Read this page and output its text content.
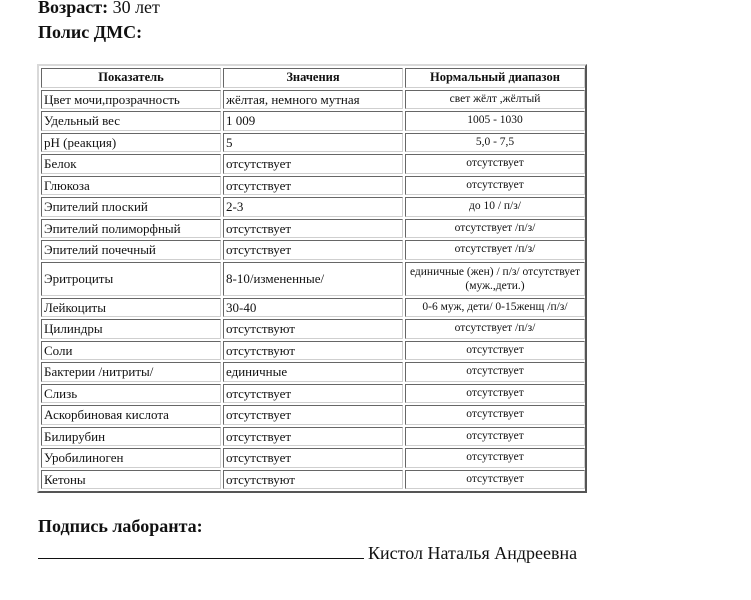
Возраст: 30 лет
Полис ДМС:
Показатель	Значения	Нормальный диапазон
Цвет мочи,прозрачность	жёлтая, немного мутная	свет жёлт ,жёлтый
Удельный вес	1 009	1005 - 1030
pH (реакция)	5	5,0 - 7,5
Белок	отсутствует	отсутствует
Глюкоза	отсутствует	отсутствует
Эпителий плоский	2-3	до 10 / п/з/
Эпителий полиморфный	отсутствует	отсутствует /п/з/
Эпителий почечный	отсутствует	отсутствует /п/з/
Эритроциты	8-10/измененные/	единичные (жен) / п/з/ отсутствует (муж.,дети.)
Лейкоциты	30-40	0-6 муж, дети/ 0-15женщ /п/з/
Цилиндры	отсутствуют	отсутствует /п/з/
Соли	отсутствуют	отсутствует
Бактерии /нитриты/	единичные	отсутствует
Слизь	отсутствует	отсутствует
Аскорбиновая кислота	отсутствует	отсутствует
Билирубин	отсутствует	отсутствует
Уробилиноген	отсутствует	отсутствует
Кетоны	отсутствуют	отсутствует
Подпись лаборанта:
Кистол Наталья Андреевна
